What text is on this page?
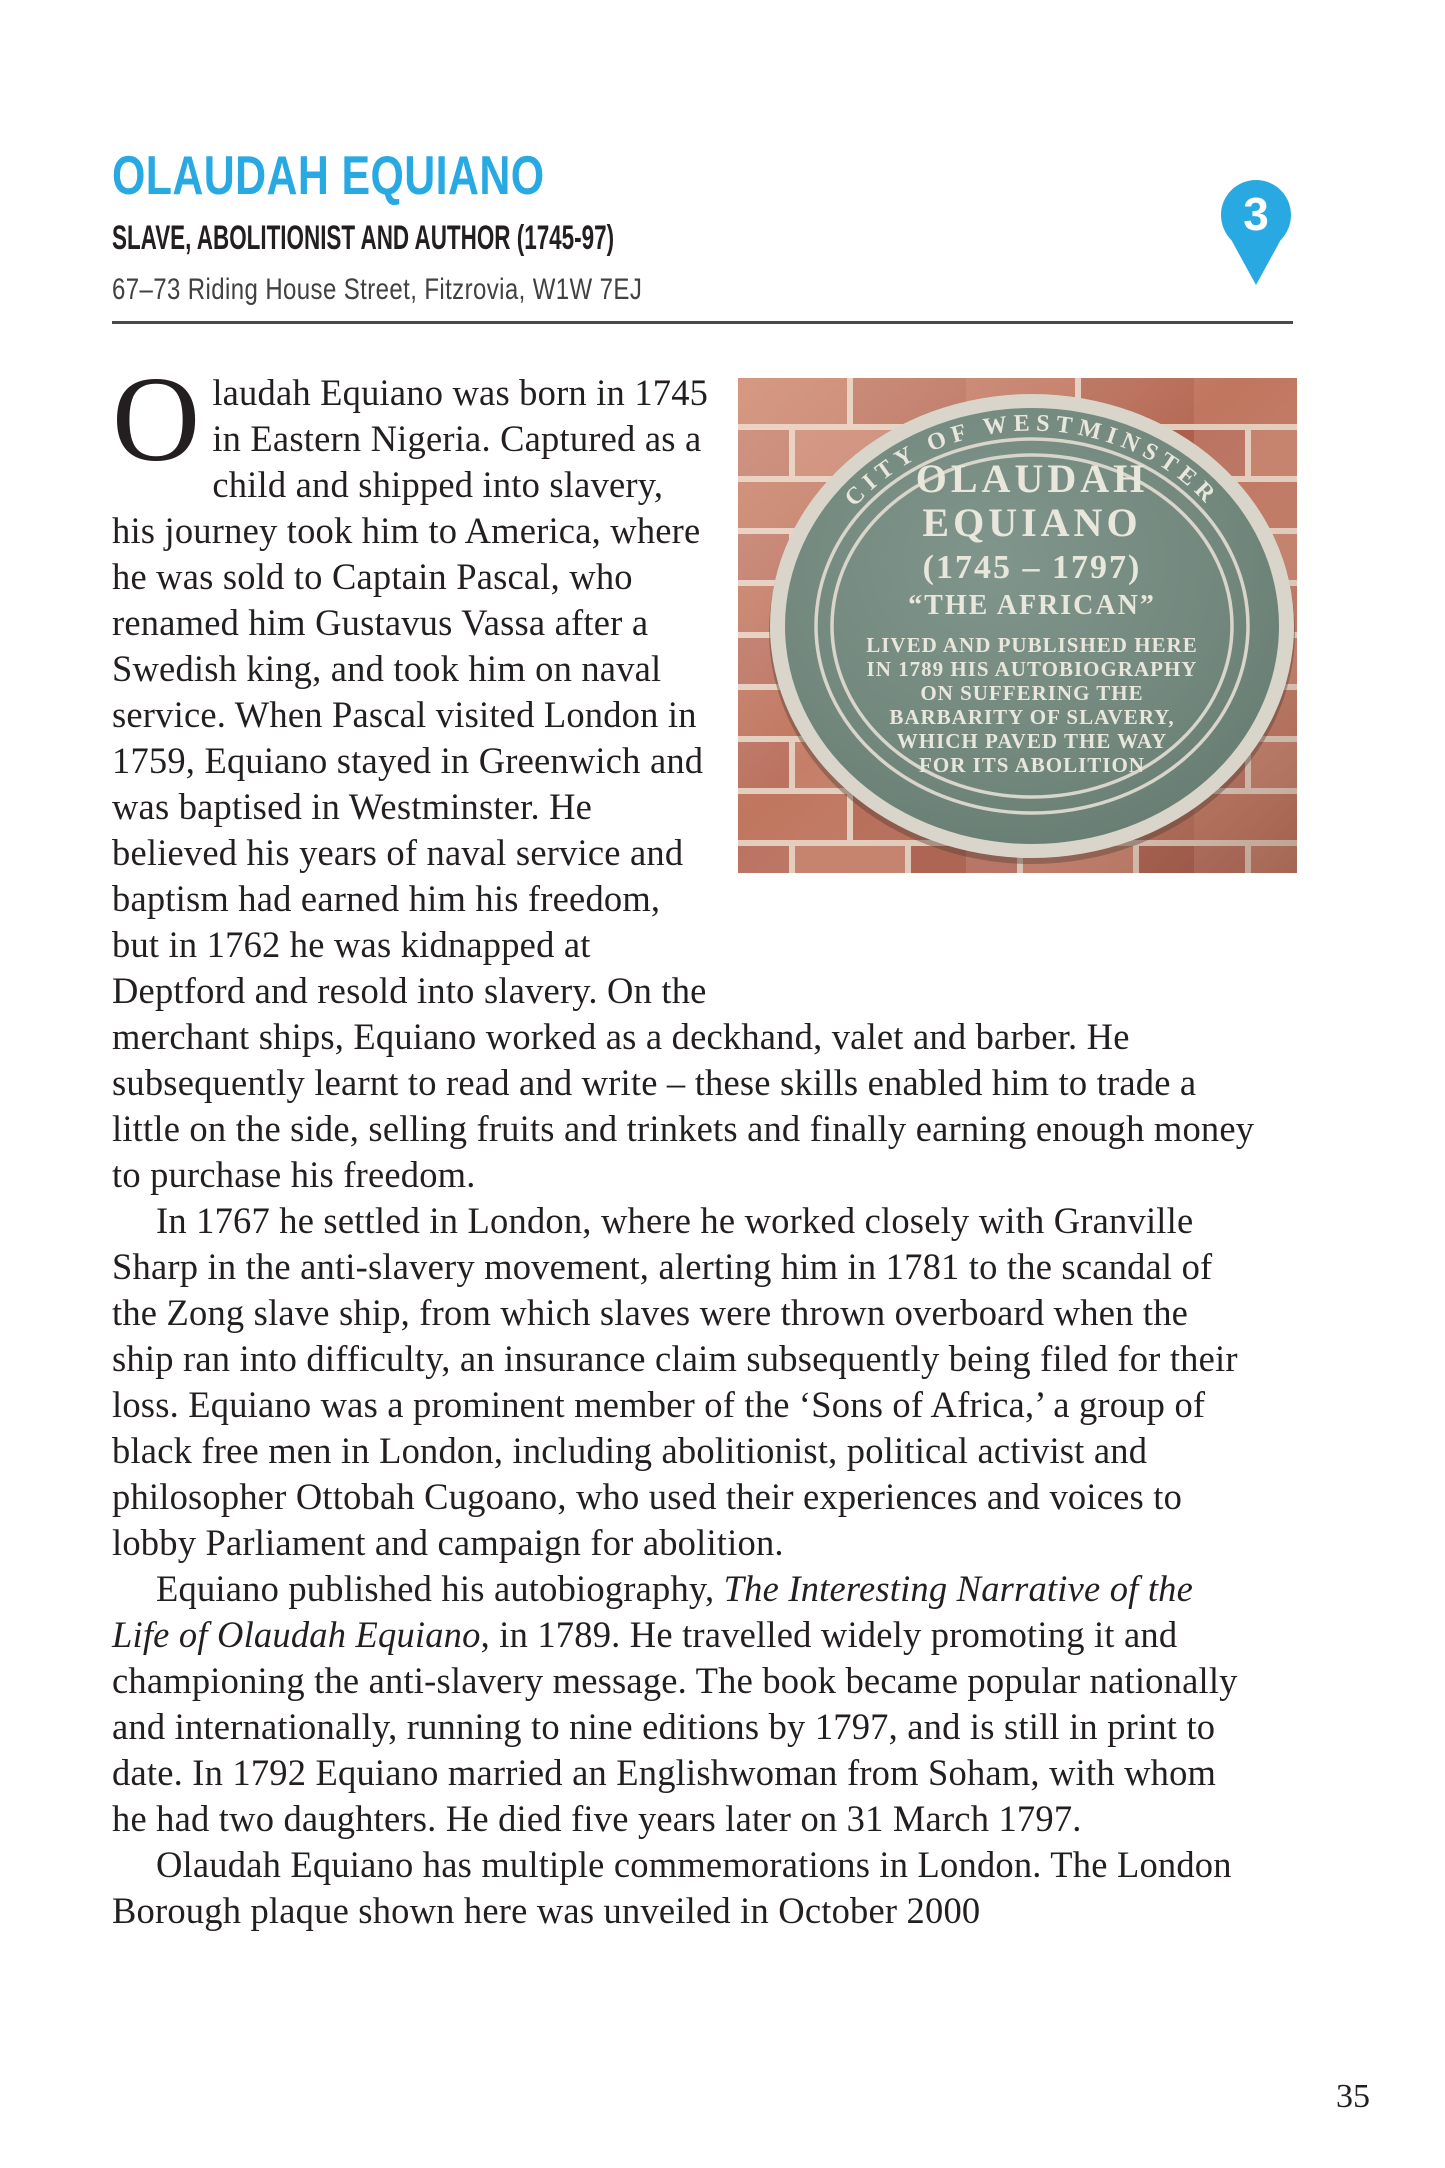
OLAUDAH EQUIANO
SLAVE, ABOLITIONIST AND AUTHOR (1745-97)
67–73 Riding House Street, Fitzrovia, W1W 7EJ
3
CITY OF WESTMINSTER
OLAUDAH
EQUIANO
(1745 – 1797)
“THE AFRICAN”
LIVED AND PUBLISHED HERE
IN 1789 HIS AUTOBIOGRAPHY
ON SUFFERING THE
BARBARITY OF SLAVERY,
WHICH PAVED THE WAY
FOR ITS ABOLITION

Olaudah Equiano was born in 1745 in Eastern Nigeria. Captured as a child and shipped into slavery, his journey took him to America, where he was sold to Captain Pascal, who renamed him Gustavus Vassa after a Swedish king, and took him on naval service. When Pascal visited London in 1759, Equiano stayed in Greenwich and was baptised in Westminster. He believed his years of naval service and baptism had earned him his freedom, but in 1762 he was kidnapped at Deptford and resold into slavery. On the merchant ships, Equiano worked as a deckhand, valet and barber. He subsequently learnt to read and write – these skills enabled him to trade a little on the side, selling fruits and trinkets and finally earning enough money to purchase his freedom.

In 1767 he settled in London, where he worked closely with Granville Sharp in the anti-slavery movement, alerting him in 1781 to the scandal of the Zong slave ship, from which slaves were thrown overboard when the ship ran into difficulty, an insurance claim subsequently being filed for their loss. Equiano was a prominent member of the ‘Sons of Africa,’ a group of black free men in London, including abolitionist, political activist and philosopher Ottobah Cugoano, who used their experiences and voices to lobby Parliament and campaign for abolition.

Equiano published his autobiography, The Interesting Narrative of the Life of Olaudah Equiano, in 1789. He travelled widely promoting it and championing the anti-slavery message. The book became popular nationally and internationally, running to nine editions by 1797, and is still in print to date. In 1792 Equiano married an Englishwoman from Soham, with whom he had two daughters. He died five years later on 31 March 1797.

Olaudah Equiano has multiple commemorations in London. The London Borough plaque shown here was unveiled in October 2000

35
